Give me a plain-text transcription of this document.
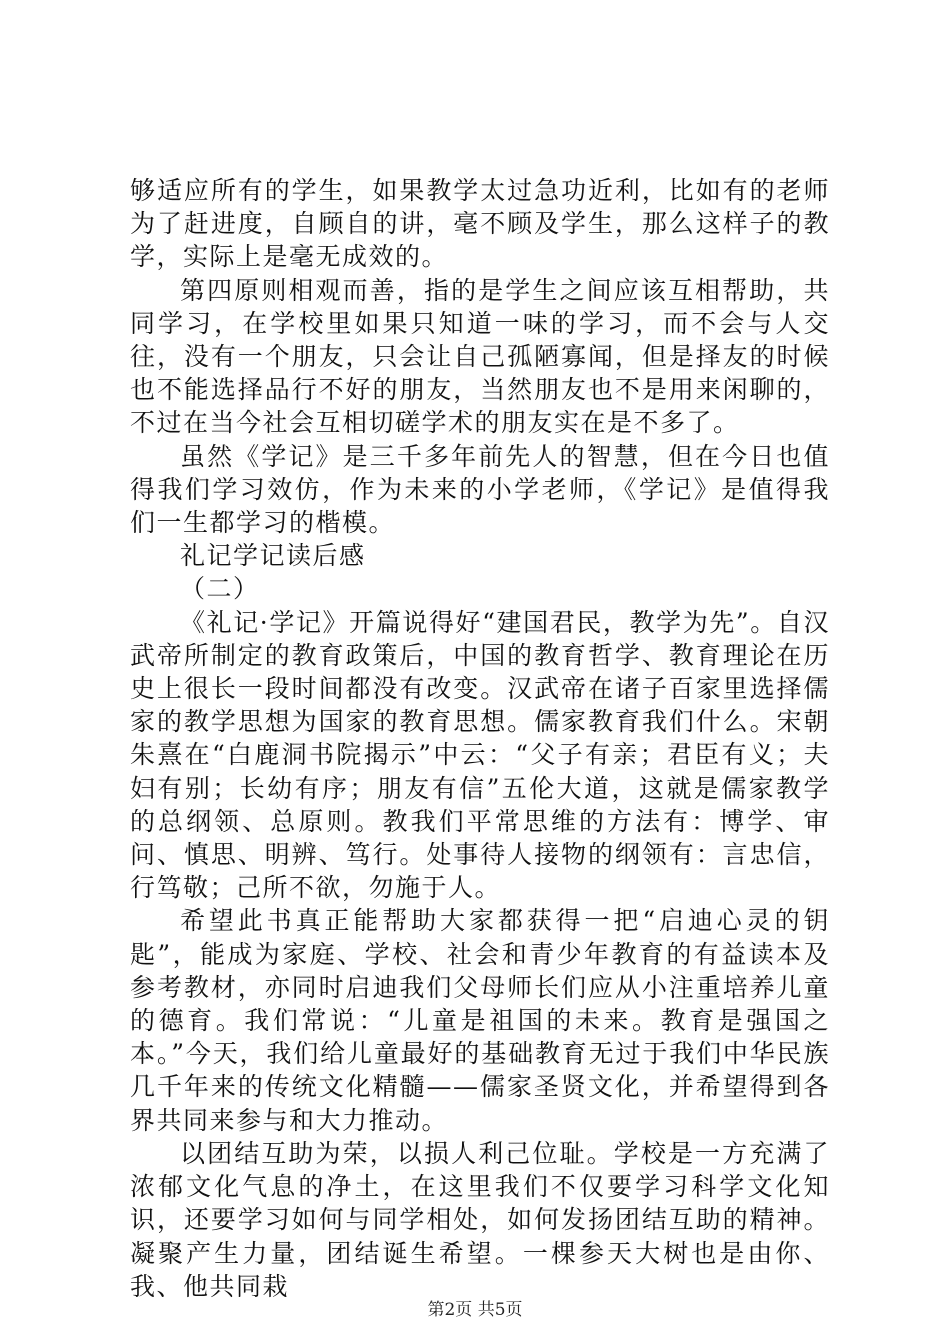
够适应所有的学生，如果教学太过急功近利，比如有的老师为了赶进度，自顾自的讲，毫不顾及学生，那么这样子的教学，实际上是毫无成效的。

第四原则相观而善，指的是学生之间应该互相帮助，共同学习，在学校里如果只知道一味的学习，而不会与人交往，没有一个朋友，只会让自己孤陋寡闻，但是择友的时候也不能选择品行不好的朋友，当然朋友也不是用来闲聊的，不过在当今社会互相切磋学术的朋友实在是不多了。

虽然《学记》是三千多年前先人的智慧，但在今日也值得我们学习效仿，作为未来的小学老师，《学记》是值得我们一生都学习的楷模。

礼记学记读后感

（二）

《礼记·学记》开篇说得好“建国君民，教学为先”。自汉武帝所制定的教育政策后，中国的教育哲学、教育理论在历史上很长一段时间都没有改变。汉武帝在诸子百家里选择儒家的教学思想为国家的教育思想。儒家教育我们什么。宋朝朱熹在“白鹿洞书院揭示”中云：“父子有亲；君臣有义；夫妇有别；长幼有序；朋友有信”五伦大道，这就是儒家教学的总纲领、总原则。教我们平常思维的方法有：博学、审问、慎思、明辨、笃行。处事待人接物的纲领有：言忠信，行笃敬；己所不欲，勿施于人。

希望此书真正能帮助大家都获得一把“启迪心灵的钥匙”，能成为家庭、学校、社会和青少年教育的有益读本及参考教材，亦同时启迪我们父母师长们应从小注重培养儿童的德育。我们常说：“儿童是祖国的未来。教育是强国之本。”今天，我们给儿童最好的基础教育无过于我们中华民族几千年来的传统文化精髓——儒家圣贤文化，并希望得到各界共同来参与和大力推动。

以团结互助为荣，以损人利己位耻。学校是一方充满了浓郁文化气息的净土，在这里我们不仅要学习科学文化知识，还要学习如何与同学相处，如何发扬团结互助的精神。凝聚产生力量，团结诞生希望。一棵参天大树也是由你、我、他共同栽

第2页 共5页
